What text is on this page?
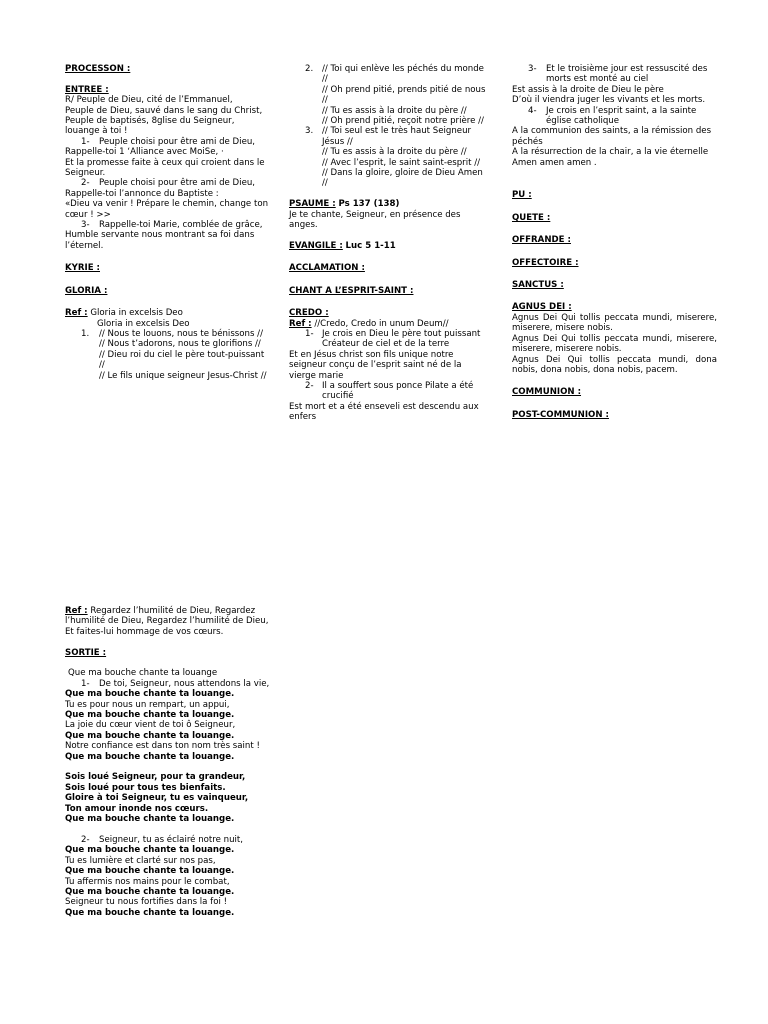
PROCESSON :

ENTREE :

R/ Peuple de Dieu, cité de l’Emmanuel,

Peuple de Dieu, sauvé dans le sang du Christ,

Peuple de baptisés, 8glise du Seigneur, louange à toi !

1- Peuple choisi pour être ami de Dieu,

Rappelle-toi 1 ‘Alliance avec MoiSe, ·

Et la promesse faite à ceux qui croient dans le Seigneur.

2- Peuple choisi pour être ami de Dieu,

Rappelle-toi l’annonce du Baptiste :

«Dieu va venir ! Prépare le chemin, change ton cœur ! >>

3- Rappelle-toi Marie, comblée de grâce,

Humble servante nous montrant sa foi dans l’éternel.

KYRIE :

GLORIA :

Ref : Gloria in excelsis Deo

Gloria in excelsis Deo

1. // Nous te louons, nous te bénissons //
// Nous t’adorons, nous te glorifions //
// Dieu roi du ciel le père tout-puissant //
// Le fils unique seigneur Jesus-Christ //

Ref : Regardez l’humilité de Dieu, Regardez l’humilité de Dieu, Regardez l’humilité de Dieu, Et faites-lui hommage de vos cœurs.

SORTIE :

Que ma bouche chante ta louange

1- De toi, Seigneur, nous attendons la vie,

Que ma bouche chante ta louange.

Tu es pour nous un rempart, un appui,

Que ma bouche chante ta louange.

La joie du cœur vient de toi ô Seigneur,

Que ma bouche chante ta louange.

Notre confiance est dans ton nom très saint !

Que ma bouche chante ta louange.

Sois loué Seigneur, pour ta grandeur,

Sois loué pour tous tes bienfaits.

Gloire à toi Seigneur, tu es vainqueur,

Ton amour inonde nos cœurs.

Que ma bouche chante ta louange.

2- Seigneur, tu as éclairé notre nuit,

Que ma bouche chante ta louange.

Tu es lumière et clarté sur nos pas,

Que ma bouche chante ta louange.

Tu affermis nos mains pour le combat,

Que ma bouche chante ta louange.

Seigneur tu nous fortifies dans la foi !

Que ma bouche chante ta louange.

2. // Toi qui enlève les péchés du monde //
// Oh prend pitié, prends pitié de nous //
// Tu es assis à la droite du père //
// Oh prend pitié, reçoit notre prière //
3. // Toi seul est le très haut Seigneur Jésus //
// Tu es assis à la droite du père //
// Avec l’esprit, le saint saint-esprit //
// Dans la gloire, gloire de Dieu Amen //

PSAUME : Ps 137 (138)

Je te chante, Seigneur, en présence des anges.

EVANGILE : Luc 5 1-11

ACCLAMATION :

CHANT A L’ESPRIT-SAINT :

CREDO :

Ref : //Credo, Credo in unum Deum//

1- Je crois en Dieu le père tout puissant
Créateur de ciel et de la terre

Et en Jésus christ son fils unique notre seigneur conçu de l’esprit saint né de la vierge marie

2- Il a souffert sous ponce Pilate a été crucifié

Est mort et a été enseveli est descendu aux enfers

3- Et le troisième jour est ressuscité des morts est monté au ciel

Est assis à la droite de Dieu le père

D’où il viendra juger les vivants et les morts.

4- Je crois en l’esprit saint, a la sainte église catholique

A la communion des saints, a la rémission des péchés

A la résurrection de la chair, a la vie éternelle

Amen amen amen .

PU :

QUETE :

OFFRANDE :

OFFECTOIRE :

SANCTUS :

AGNUS DEI :

Agnus Dei Qui tollis peccata mundi, miserere, miserere, misere nobis.

Agnus Dei Qui tollis peccata mundi, miserere, miserere, miserere nobis.

Agnus Dei Qui tollis peccata mundi, dona nobis, dona nobis, dona nobis, pacem.

COMMUNION :

POST-COMMUNION :
